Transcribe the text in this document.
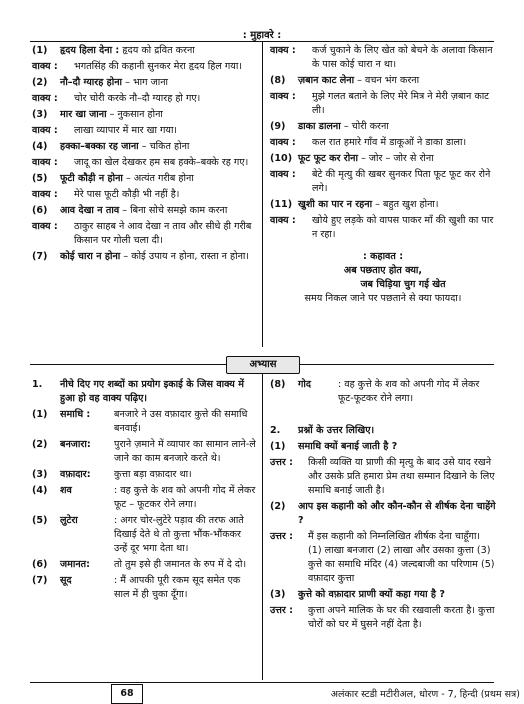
: मुहावरे :
(1)	हृदय हिला देना : हृदय को द्रवित करना
वाक्य :	भगतसिंह की कहानी सुनकर मेरा हृदय हिल गया।
(2)	नौ–दौ ग्यारह होना – भाग जाना
वाक्य :	चोर चोरी करके नौ–दौ ग्यारह हो गए।
(3)	मार खा जाना – नुकसान होना
वाक्य :	लाखा व्यापार में मार खा गया।
(4)	हक्का–बक्का रह जाना – चकित होना
वाक्य :	जादू का खेल देखकर हम सब हक्के–बक्के रह गए।
(5)	फूटी कौड़ी न होना – अत्यंत गरीब होना
वाक्य :	मेरे पास फूटी कौड़ी भी नहीं है।
(6)	आव देखा न ताव – बिना सोचे समझे काम करना
वाक्य :	ठाकुर साहब ने आव देखा न ताव और सीधे ही गरीब किसान पर गोली चला दी।
(7)	कोई चारा न होना – कोई उपाय न होना, रास्ता न होना।
वाक्य :	कर्ज चुकाने के लिए खेत को बेचने के अलावा किसान के पास कोई चारा न था।
(8)	ज़बान काट लेना – वचन भंग करना
वाक्य :	मुझे गलत बताने के लिए मेरे मित्र ने मेरी ज़बान काट ली।
(9)	डाका डालना – चोरी करना
वाक्य :	कल रात हमारे गाँव में डाकूओं ने डाका डाला।
(10) फूट फूट कर रोना – जोर – जोर से रोना
वाक्य :	बेटे की मृत्यु की खबर सुनकर पिता फूट फूट कर रोने लगे।
(11) खुशी का पार न रहना – बहुत खुश होना।
वाक्य :	खोये हुए लड़के को वापस पाकर माँ की खुशी का पार न रहा।
: कहावत :
अब पछताए होत क्या,
जब चिड़िया चुग गई खेत
समय निकल जाने पर पछताने से क्या फायदा।
अभ्यास
1.	नीचे दिए गए शब्दों का प्रयोग इकाई के जिस वाक्य में हुआ हो वह वाक्य पढ़िए।
(1)	समाधि :	बनजारे ने उस वफ़ादार कुत्ते की समाधि बनवाई।
(2)	बनजारा:	पुराने ज़माने में व्यापार का सामान लाने-ले जाने का काम बनजारे करते थे।
(3)	वफ़ादार:	कुत्ता बड़ा वफ़ादार था।
(4)	शव	: वह कुत्ते के शव को अपनी गोद में लेकर फूट – फूटकर रोने लगा।
(5)	लुटेरा	: अगर चोर-लुटेरे पड़ाव की तरफ आते दिखाई देते थे तो कुत्ता भौंक-भौंककर उन्हें दूर भगा देता था।
(6)	जमानत:	तो तुम इसे ही जमानत के रुप में दे दो।
(7)	सूद	: मैं आपकी पूरी रकम सूद समेत एक साल में ही चुका दूँगा।
(8)	गोद	: वह कुत्ते के शव को अपनी गोद में लेकर फूट-फूटकर रोने लगा।
2.	प्रश्नों के उत्तर लिखिए।
(1)	समाधि क्यों बनाई जाती है ?
उत्तर :	किसी व्यक्ति या प्राणी की मृत्यु के बाद उसे याद रखने और उसके प्रति हमारा प्रेम तथा सम्मान दिखाने के लिए समाधि बनाई जाती है।
(2)	आप इस कहानी को और कौन-कौन से शीर्षक देना चाहेंगे ?
उत्तर :	मैं इस कहानी को निम्नलिखित शीर्षक देना चाहूँगा। (1) लाखा बनजारा (2) लाखा और उसका कुत्ता (3) कुत्ते का समाधि मंदिर (4) जल्दबाजी का परिणाम (5) वफ़ादार कुत्ता
(3)	कुत्ते को वफ़ादार प्राणी क्यों कहा गया है ?
उत्तर :	कुत्ता अपने मालिक के घर की रखवाली करता है। कुत्ता चोरों को घर में घुसने नहीं देता है।
68	अलंकार स्टडी मटीरीअल, धोरण - 7, हिन्दी (प्रथम सत्र)
